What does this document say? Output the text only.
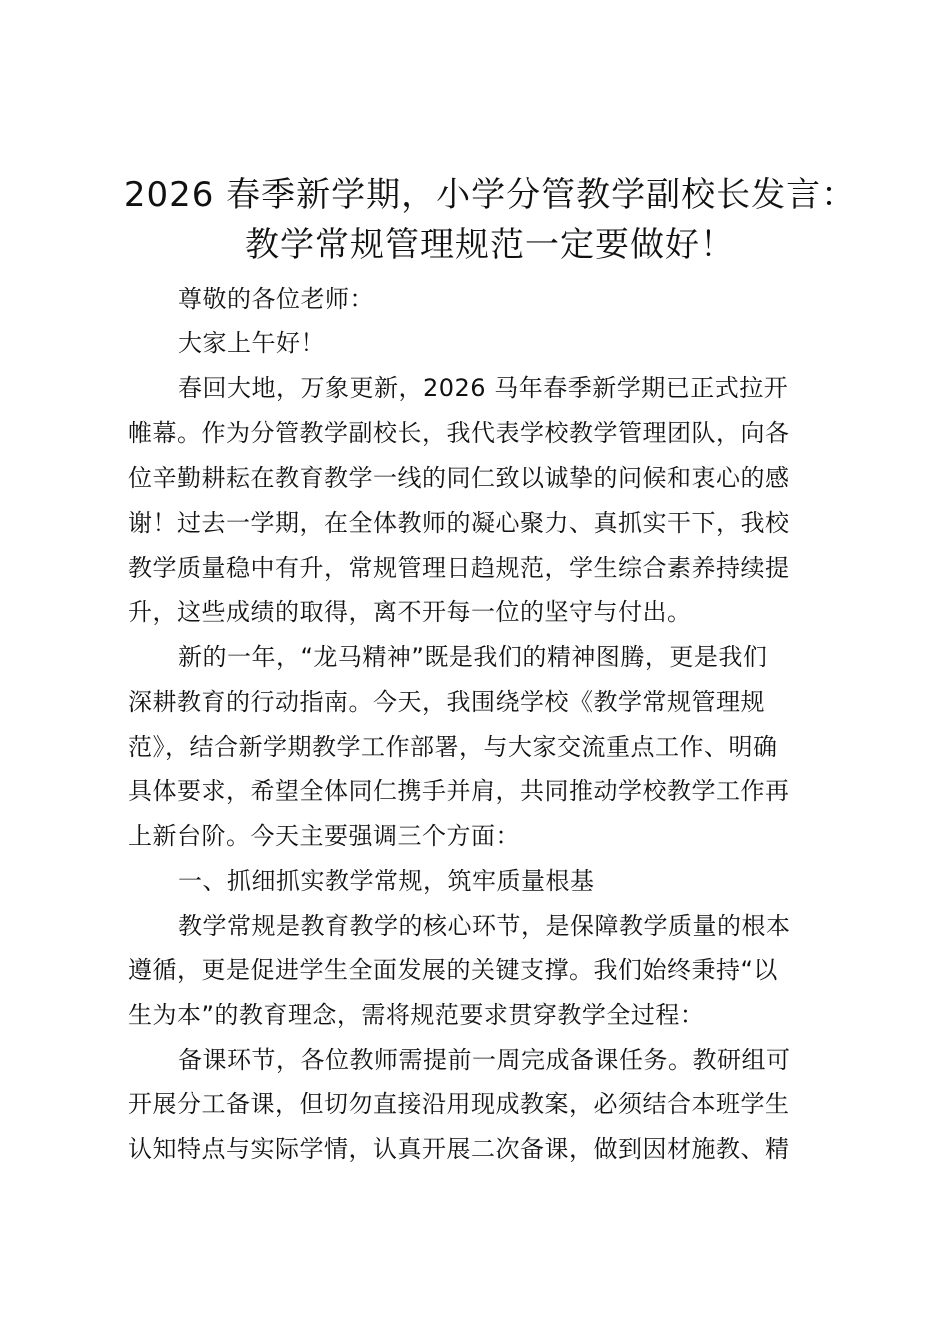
2026 春季新学期，小学分管教学副校长发言：
教学常规管理规范一定要做好！
尊敬的各位老师：
大家上午好！
春回大地，万象更新，2026 马年春季新学期已正式拉开
帷幕。作为分管教学副校长，我代表学校教学管理团队，向各
位辛勤耕耘在教育教学一线的同仁致以诚挚的问候和衷心的感
谢！过去一学期，在全体教师的凝心聚力、真抓实干下，我校
教学质量稳中有升，常规管理日趋规范，学生综合素养持续提
升，这些成绩的取得，离不开每一位的坚守与付出。
新的一年，“龙马精神”既是我们的精神图腾，更是我们
深耕教育的行动指南。今天，我围绕学校《教学常规管理规
范》，结合新学期教学工作部署，与大家交流重点工作、明确
具体要求，希望全体同仁携手并肩，共同推动学校教学工作再
上新台阶。今天主要强调三个方面：
一、抓细抓实教学常规，筑牢质量根基
教学常规是教育教学的核心环节，是保障教学质量的根本
遵循，更是促进学生全面发展的关键支撑。我们始终秉持“以
生为本”的教育理念，需将规范要求贯穿教学全过程：
备课环节，各位教师需提前一周完成备课任务。教研组可
开展分工备课，但切勿直接沿用现成教案，必须结合本班学生
认知特点与实际学情，认真开展二次备课，做到因材施教、精
